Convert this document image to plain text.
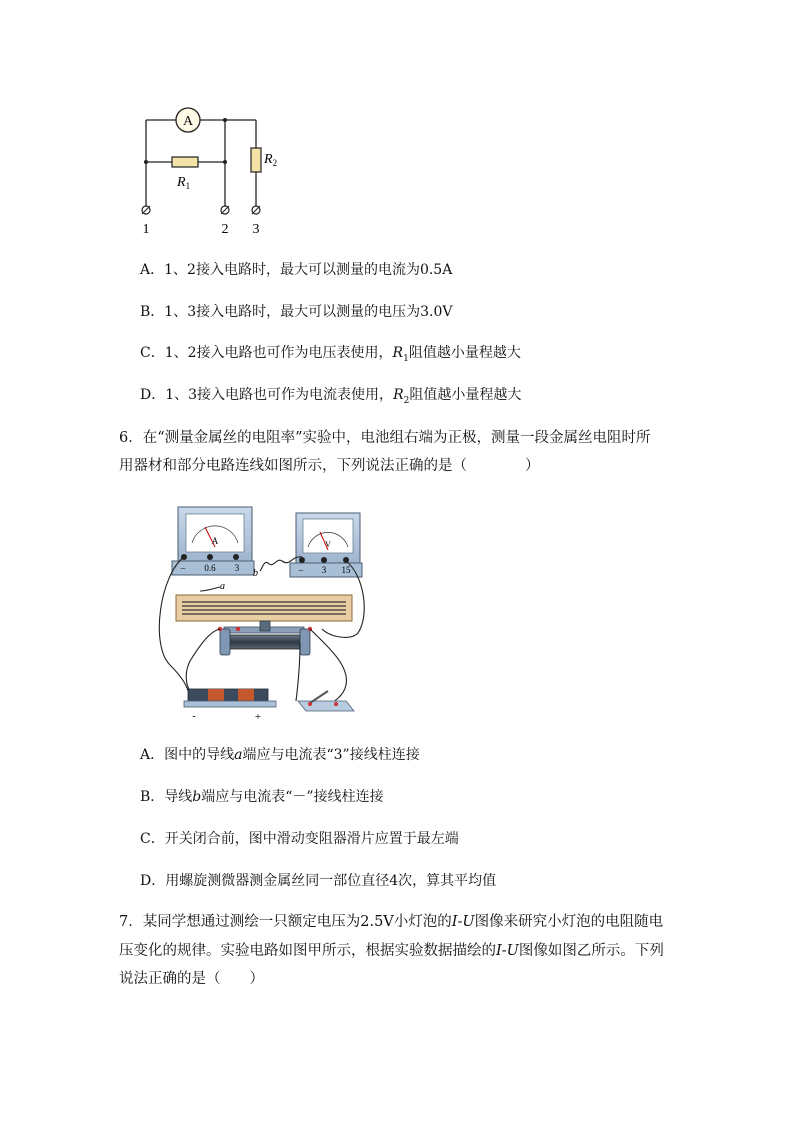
A
$R_1$
$R_2$
1	2 3
A．1、2接入电路时，最大可以测量的电流为0.5A
B．1、3接入电路时，最大可以测量的电压为3.0V
C．1、2接入电路也可作为电压表使用，$R_1$阻值越小量程越大
D．1、3接入电路也可作为电流表使用，$R_2$阻值越小量程越大
6．在“测量金属丝的电阻率”实验中，电池组右端为正极，测量一段金属丝电阻时所
用器材和部分电路连线如图所示，下列说法正确的是（　　　　）
A
– 0.6 3
V
– 3 15
b
a
-	+
A．图中的导线a端应与电流表“3”接线柱连接
B．导线b端应与电流表“－”接线柱连接
C．开关闭合前，图中滑动变阻器滑片应置于最左端
D．用螺旋测微器测金属丝同一部位直径4次，算其平均值
7．某同学想通过测绘一只额定电压为2.5V小灯泡的I-U图像来研究小灯泡的电阻随电
压变化的规律。实验电路如图甲所示，根据实验数据描绘的I-U图像如图乙所示。下列
说法正确的是（　　）
